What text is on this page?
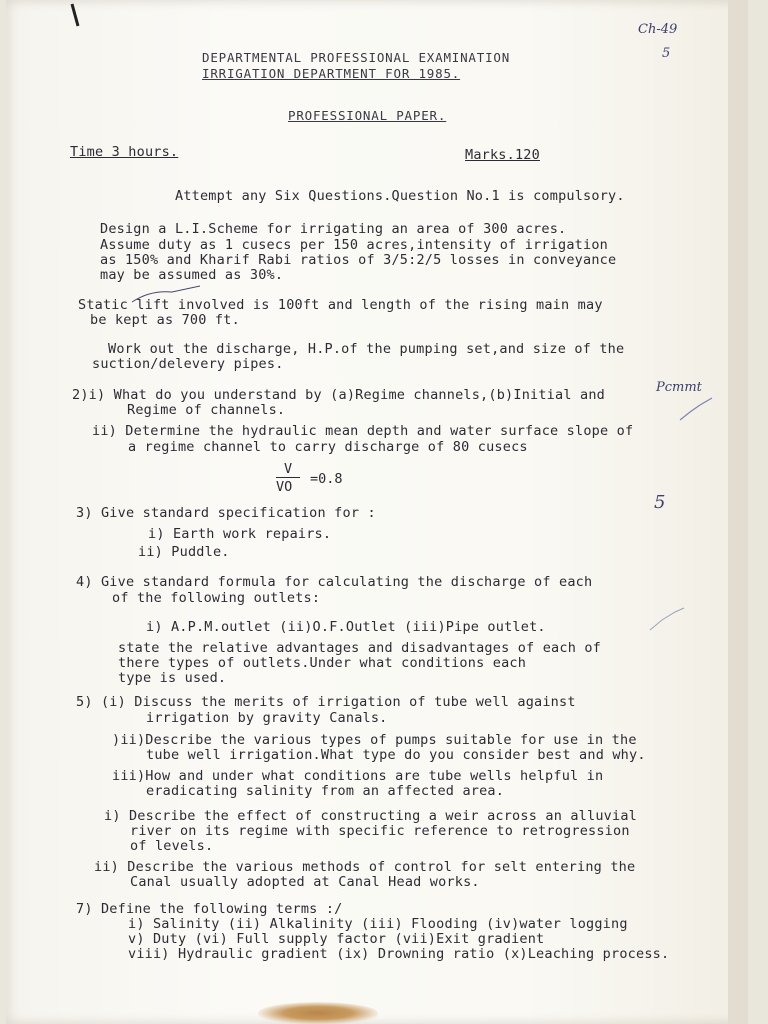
DEPARTMENTAL PROFESSIONAL EXAMINATION
IRRIGATION DEPARTMENT FOR 1985.
PROFESSIONAL PAPER.
Time 3 hours.	Marks.120
Attempt any Six Questions.Question No.1 is compulsory.
Design a L.I.Scheme for irrigating an area of 300 acres.
Assume duty as 1 cusecs per 150 acres,intensity of irrigation
as 150% and Kharif Rabi ratios of 3/5:2/5 losses in conveyance
may be assumed as 30%.
Static lift involved is 100ft and length of the rising main may
be kept as 700 ft.
Work out the discharge, H.P.of the pumping set,and size of the
suction/delevery pipes.
2)i) What do you understand by (a)Regime channels,(b)Initial and
Regime of channels.
ii) Determine the hydraulic mean depth and water surface slope of
a regime channel to carry discharge of 80 cusecs
V
VO =0.8
3) Give standard specification for :
i) Earth work repairs.
ii) Puddle.
4) Give standard formula for calculating the discharge of each
of the following outlets:
i) A.P.M.outlet (ii)O.F.Outlet (iii)Pipe outlet.
state the relative advantages and disadvantages of each of
there types of outlets.Under what conditions each
type is used.
5) (i) Discuss the merits of irrigation of tube well against
irrigation by gravity Canals.
)ii)Describe the various types of pumps suitable for use in the
tube well irrigation.What type do you consider best and why.
iii)How and under what conditions are tube wells helpful in
eradicating salinity from an affected area.
i) Describe the effect of constructing a weir across an alluvial
river on its regime with specific reference to retrogression
of levels.
ii) Describe the various methods of control for selt entering the
Canal usually adopted at Canal Head works.
7) Define the following terms :/
i) Salinity (ii) Alkalinity (iii) Flooding (iv)water logging
v) Duty (vi) Full supply factor (vii)Exit gradient
viii) Hydraulic gradient (ix) Drowning ratio (x)Leaching process.
Ch-49
5
Pcmmt
5
